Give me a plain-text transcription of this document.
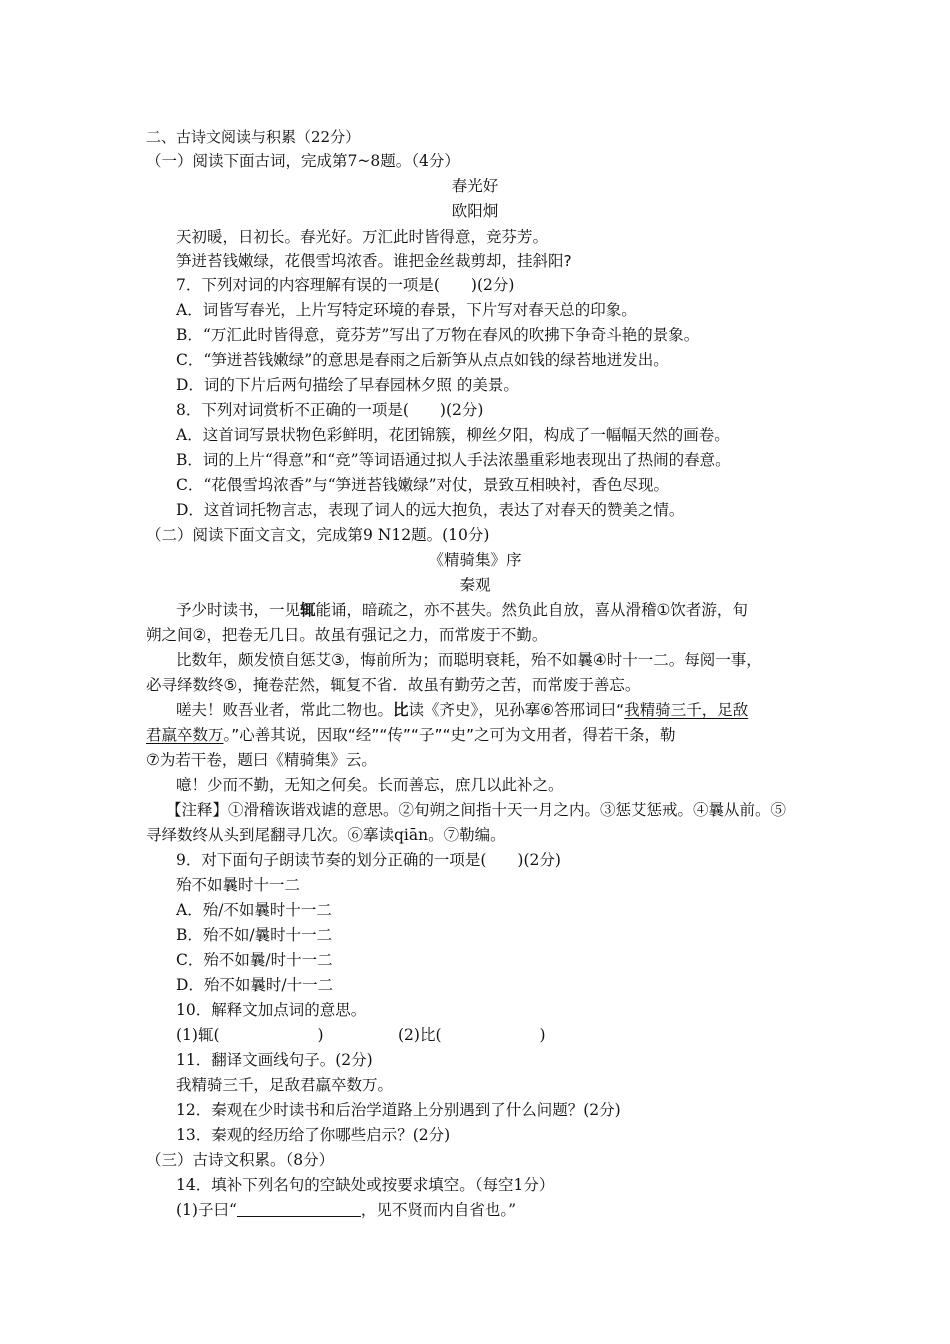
二、古诗文阅读与积累（22分）
（一）阅读下面古词，完成第7~8题。（4分）
春光好
欧阳炯
天初暖，日初长。春光好。万汇此时皆得意，竞芬芳。
笋迸苔钱嫩绿，花偎雪坞浓香。谁把金丝裁剪却，挂斜阳?
7．下列对词的内容理解有误的一项是(　　)(2分)
A．词皆写春光，上片写特定环境的春景，下片写对春天总的印象。
B．“万汇此时皆得意，竟芬芳”写出了万物在春风的吹拂下争奇斗艳的景象。
C．“笋迸苔钱嫩绿”的意思是春雨之后新笋从点点如钱的绿苔地迸发出。
D．词的下片后两句描绘了早春园林夕照 的美景。
8．下列对词赏析不正确的一项是(　　)(2分)
A．这首词写景状物色彩鲜明，花团锦簇，柳丝夕阳，构成了一幅幅天然的画卷。
B．词的上片“得意”和“竞”等词语通过拟人手法浓墨重彩地表现出了热闹的春意。
C．“花偎雪坞浓香”与“笋迸苔钱嫩绿”对仗，景致互相映衬，香色尽现。
D．这首词托物言志，表现了词人的远大抱负，表达了对春天的赞美之情。
（二）阅读下面文言文，完成第9 N12题。(10分)
《精骑集》序
秦观
予少时读书，一见辄能诵，暗疏之，亦不甚失。然负此自放，喜从滑稽①饮者游，旬
朔之间②，把卷无几日。故虽有强记之力，而常废于不勤。
比数年，颇发愤自惩艾③，悔前所为；而聪明衰耗，殆不如曩④时十一二。每阅一事，
必寻绎数终⑤，掩卷茫然，辄复不省．故虽有勤劳之苦，而常废于善忘。
嗟夫！败吾业者，常此二物也。比读《齐史》，见孙搴⑥答邢词曰“我精骑三千，足敌
君羸卒数万。”心善其说，因取“经”“传”“子”“史”之可为文用者，得若干条，勒
⑦为若干卷，题曰《精骑集》云。
噫！少而不勤，无知之何矣。长而善忘，庶几以此补之。
【注释】①滑稽诙谐戏谑的意思。②旬朔之间指十天一月之内。③惩艾惩戒。④曩从前。⑤
寻绎数终从头到尾翻寻几次。⑥搴读qiān。⑦勒编。
9．对下面句子朗读节奏的划分正确的一项是(　　)(2分)
殆不如曩时十一二
A．殆/不如曩时十一二
B．殆不如/曩时十一二
C．殆不如曩/时十一二
D．殆不如曩时/十一二
10．解释文加点词的意思。
(1)辄(	)	(2)比(	)
11．翻译文画线句子。(2分)
我精骑三千，足敌君羸卒数万。
12．秦观在少时读书和后治学道路上分别遇到了什么问题？(2分)
13．秦观的经历给了你哪些启示？(2分)
（三）古诗文积累。（8分）
14．填补下列名句的空缺处或按要求填空。（每空1分）
(1)子曰“	，见不贤而内自省也。”
